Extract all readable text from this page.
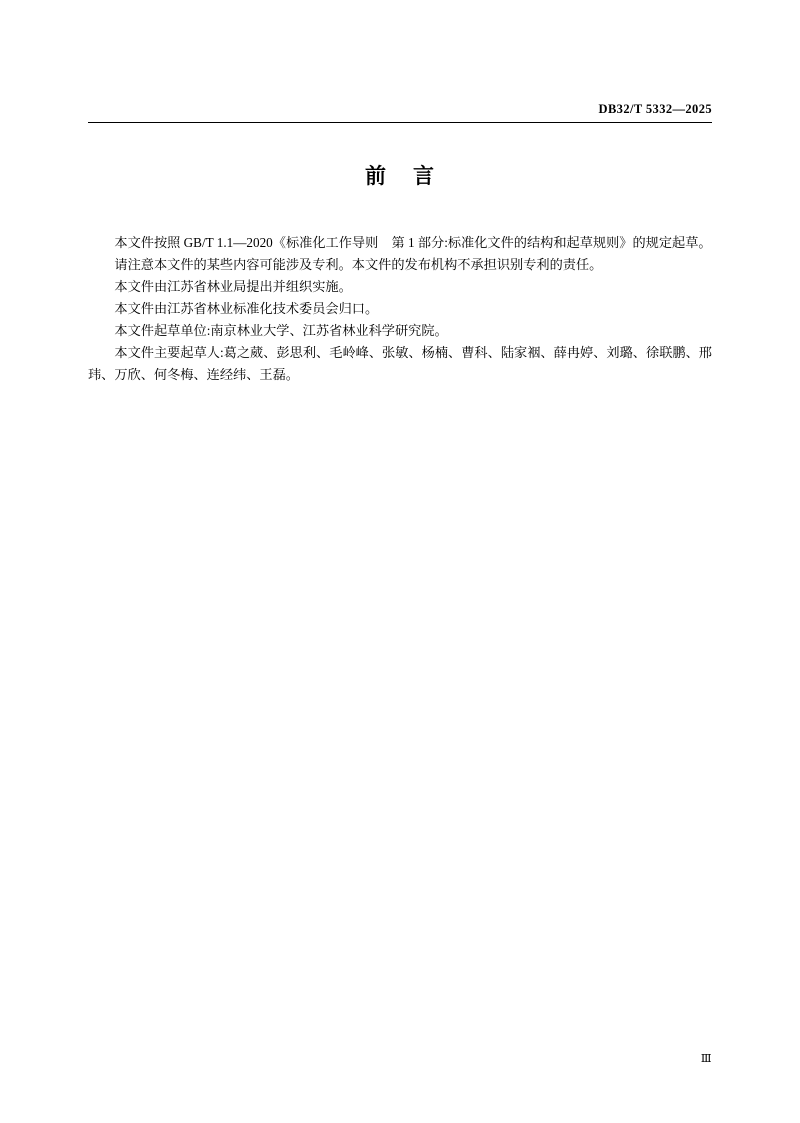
DB32/T 5332—2025
前 言

本文件按照 GB/T 1.1—2020《标准化工作导则　第 1 部分:标准化文件的结构和起草规则》的规定起草。

请注意本文件的某些内容可能涉及专利。本文件的发布机构不承担识别专利的责任。

本文件由江苏省林业局提出并组织实施。

本文件由江苏省林业标准化技术委员会归口。

本文件起草单位:南京林业大学、江苏省林业科学研究院。

本文件主要起草人:葛之葳、彭思利、毛岭峰、张敏、杨楠、曹科、陆家裀、薛冉婷、刘璐、徐联鹏、邢玮、万欣、何冬梅、连经纬、王磊。

Ⅲ
